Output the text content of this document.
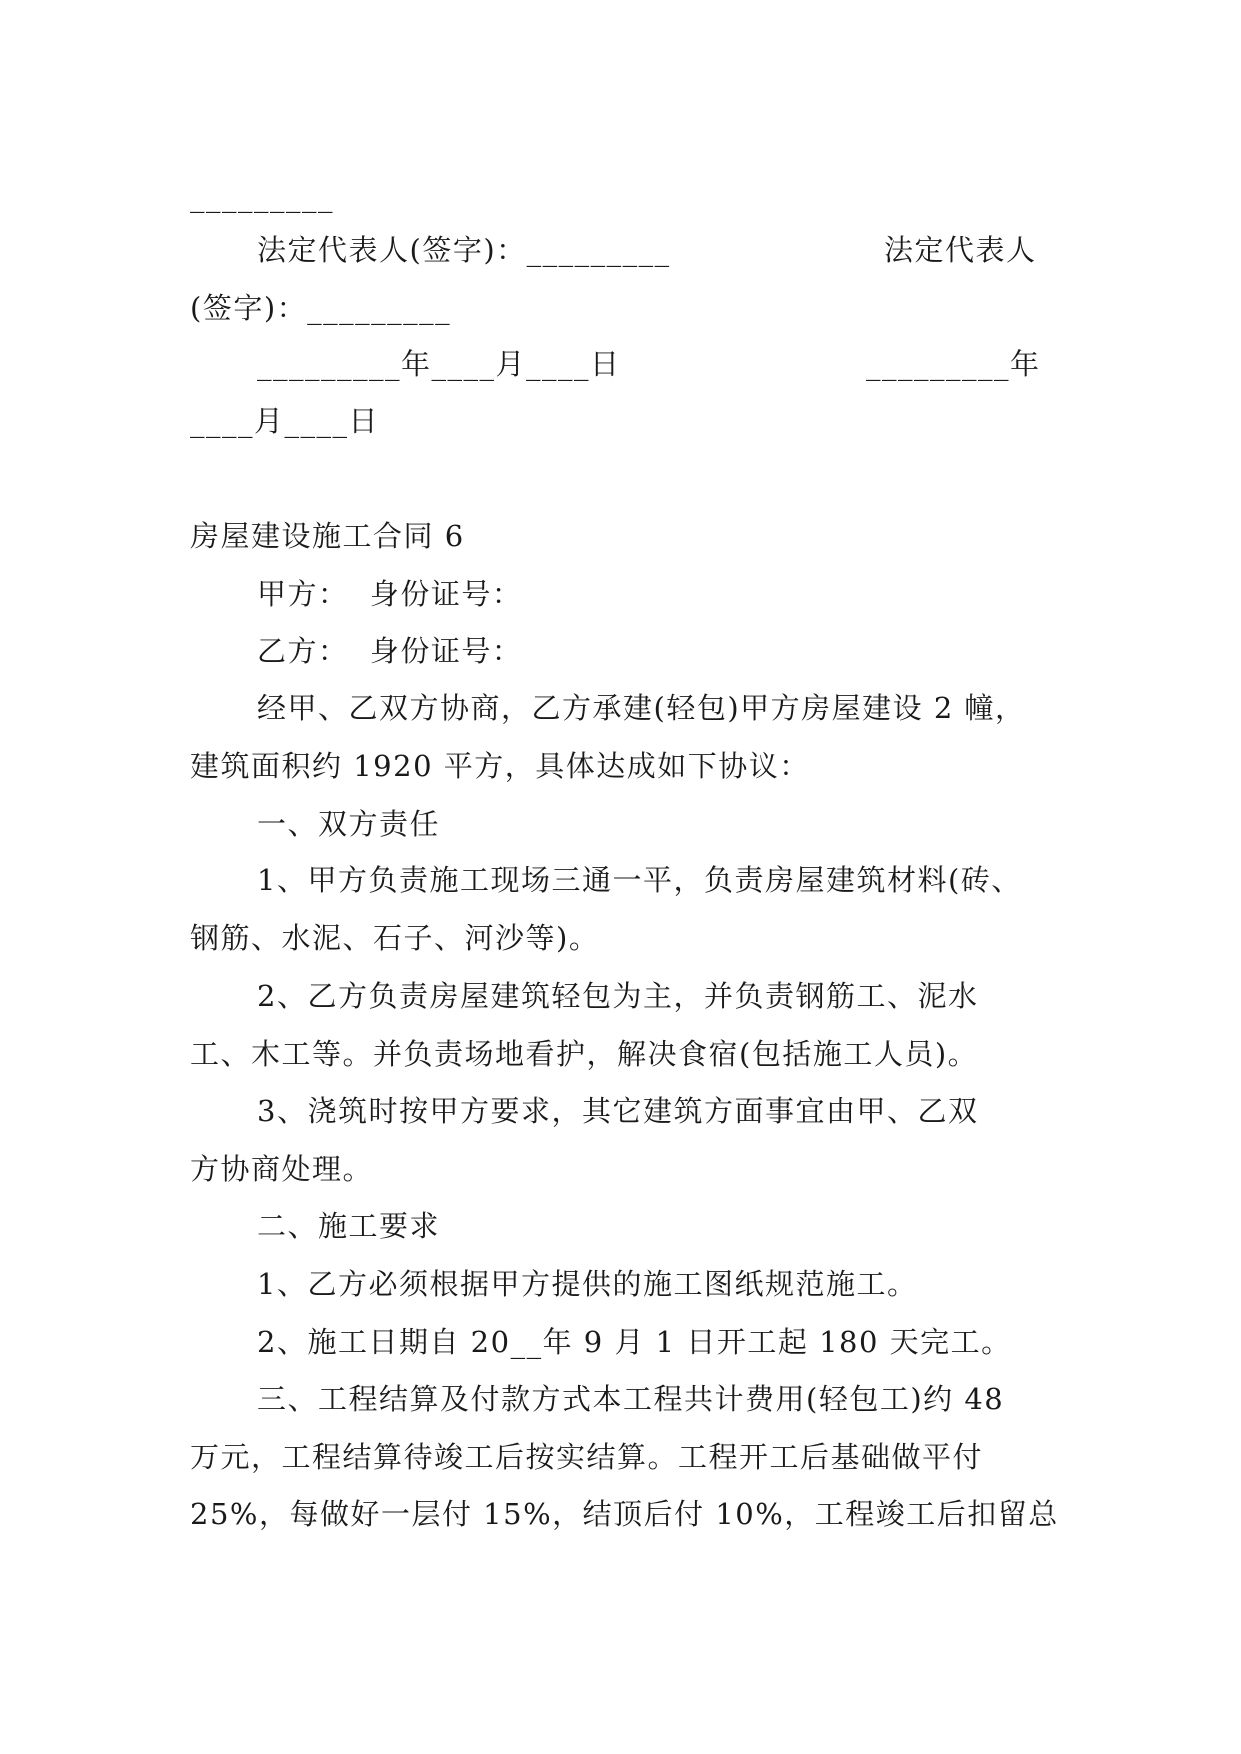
_________
法定代表人(签字)：_________	法定代表人
(签字)：_________
_________年____月____日	_________年
____月____日
房屋建设施工合同 6
甲方：  身份证号：
乙方：  身份证号：
经甲、乙双方协商，乙方承建(轻包)甲方房屋建设 2 幢，
建筑面积约 1920 平方，具体达成如下协议：
一、双方责任
1、甲方负责施工现场三通一平，负责房屋建筑材料(砖、
钢筋、水泥、石子、河沙等)。
2、乙方负责房屋建筑轻包为主，并负责钢筋工、泥水
工、木工等。并负责场地看护，解决食宿(包括施工人员)。
3、浇筑时按甲方要求，其它建筑方面事宜由甲、乙双
方协商处理。
二、施工要求
1、乙方必须根据甲方提供的施工图纸规范施工。
2、施工日期自 20__年 9 月 1 日开工起 180 天完工。
三、工程结算及付款方式本工程共计费用(轻包工)约 48
万元，工程结算待竣工后按实结算。工程开工后基础做平付
25%，每做好一层付 15%，结顶后付 10%，工程竣工后扣留总
